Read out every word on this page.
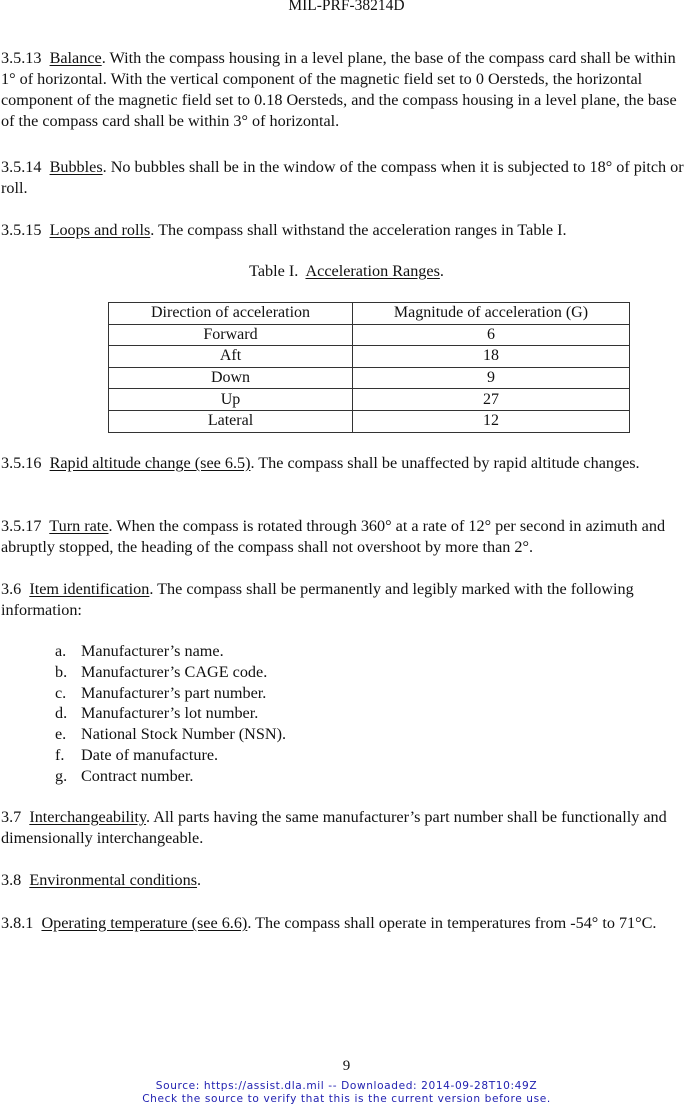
MIL-PRF-38214D

3.5.13 Balance. With the compass housing in a level plane, the base of the compass card shall be within 1° of horizontal. With the vertical component of the magnetic field set to 0 Oersteds, the horizontal component of the magnetic field set to 0.18 Oersteds, and the compass housing in a level plane, the base of the compass card shall be within 3° of horizontal.

3.5.14 Bubbles. No bubbles shall be in the window of the compass when it is subjected to 18° of pitch or roll.

3.5.15 Loops and rolls. The compass shall withstand the acceleration ranges in Table I.

Table I. Acceleration Ranges.
Direction of acceleration	Magnitude of acceleration (G)
Forward	6
Aft	18
Down	9
Up	27
Lateral	12

3.5.16 Rapid altitude change (see 6.5). The compass shall be unaffected by rapid altitude changes.

3.5.17 Turn rate. When the compass is rotated through 360° at a rate of 12° per second in azimuth and abruptly stopped, the heading of the compass shall not overshoot by more than 2°.

3.6 Item identification. The compass shall be permanently and legibly marked with the following information:

a. Manufacturer’s name.
b. Manufacturer’s CAGE code.
c. Manufacturer’s part number.
d. Manufacturer’s lot number.
e. National Stock Number (NSN).
f. Date of manufacture.
g. Contract number.

3.7 Interchangeability. All parts having the same manufacturer’s part number shall be functionally and dimensionally interchangeable.

3.8 Environmental conditions.

3.8.1 Operating temperature (see 6.6). The compass shall operate in temperatures from -54° to 71°C.

9
Source: https://assist.dla.mil -- Downloaded: 2014-09-28T10:49Z
Check the source to verify that this is the current version before use.
